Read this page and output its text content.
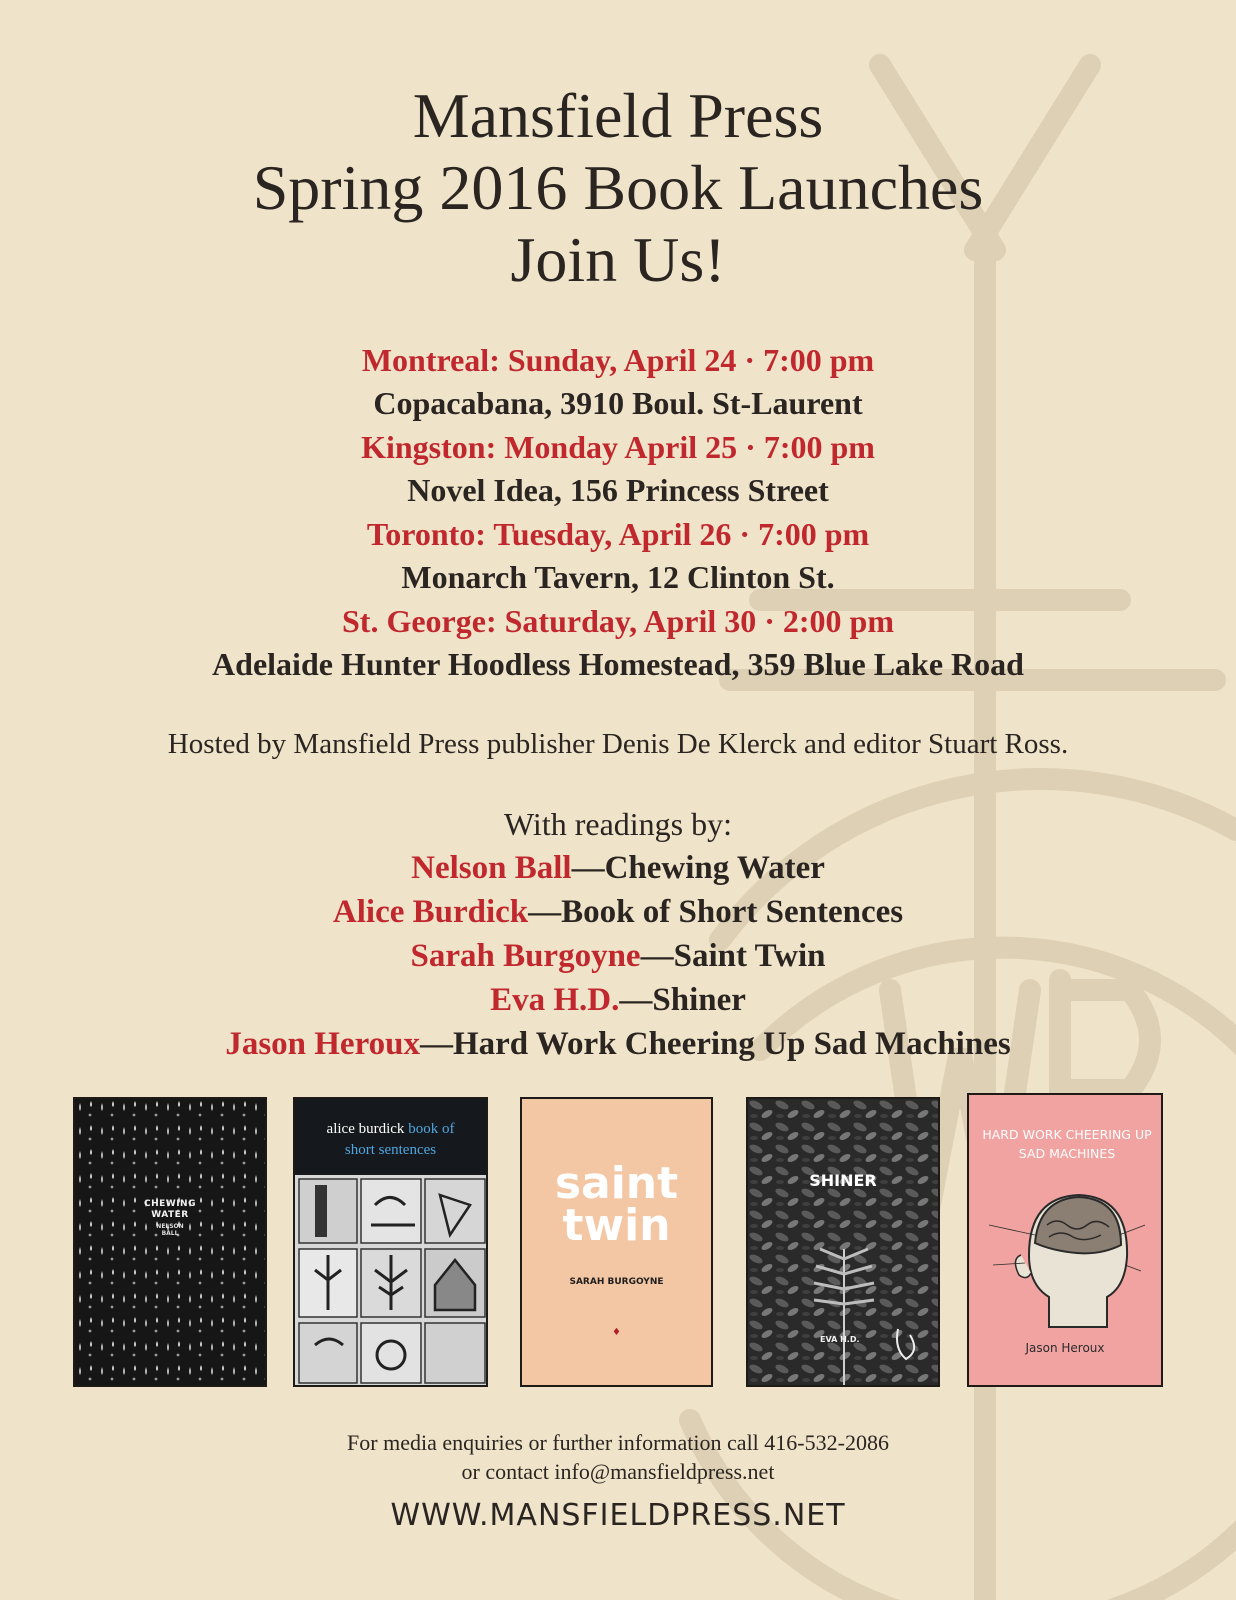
Mansfield Press
Spring 2016 Book Launches
Join Us!
Montreal: Sunday, April 24 · 7:00 pm
Copacabana, 3910 Boul. St-Laurent
Kingston: Monday April 25 · 7:00 pm
Novel Idea, 156 Princess Street
Toronto: Tuesday, April 26 · 7:00 pm
Monarch Tavern, 12 Clinton St.
St. George: Saturday, April 30 · 2:00 pm
Adelaide Hunter Hoodless Homestead, 359 Blue Lake Road
Hosted by Mansfield Press publisher Denis De Klerck and editor Stuart Ross.
With readings by:
Nelson Ball—Chewing Water
Alice Burdick—Book of Short Sentences
Sarah Burgoyne—Saint Twin
Eva H.D.—Shiner
Jason Heroux—Hard Work Cheering Up Sad Machines
CHEWING
WATER
NELSON
BALL
alice burdick book of
short sentences
saint
twin
SARAH BURGOYNE
♦
SHINER
EVA H.D.
HARD WORK CHEERING UP SAD MACHINES
Jason Heroux
For media enquiries or further information call 416-532-2086
or contact info@mansfieldpress.net
WWW.MANSFIELDPRESS.NET
